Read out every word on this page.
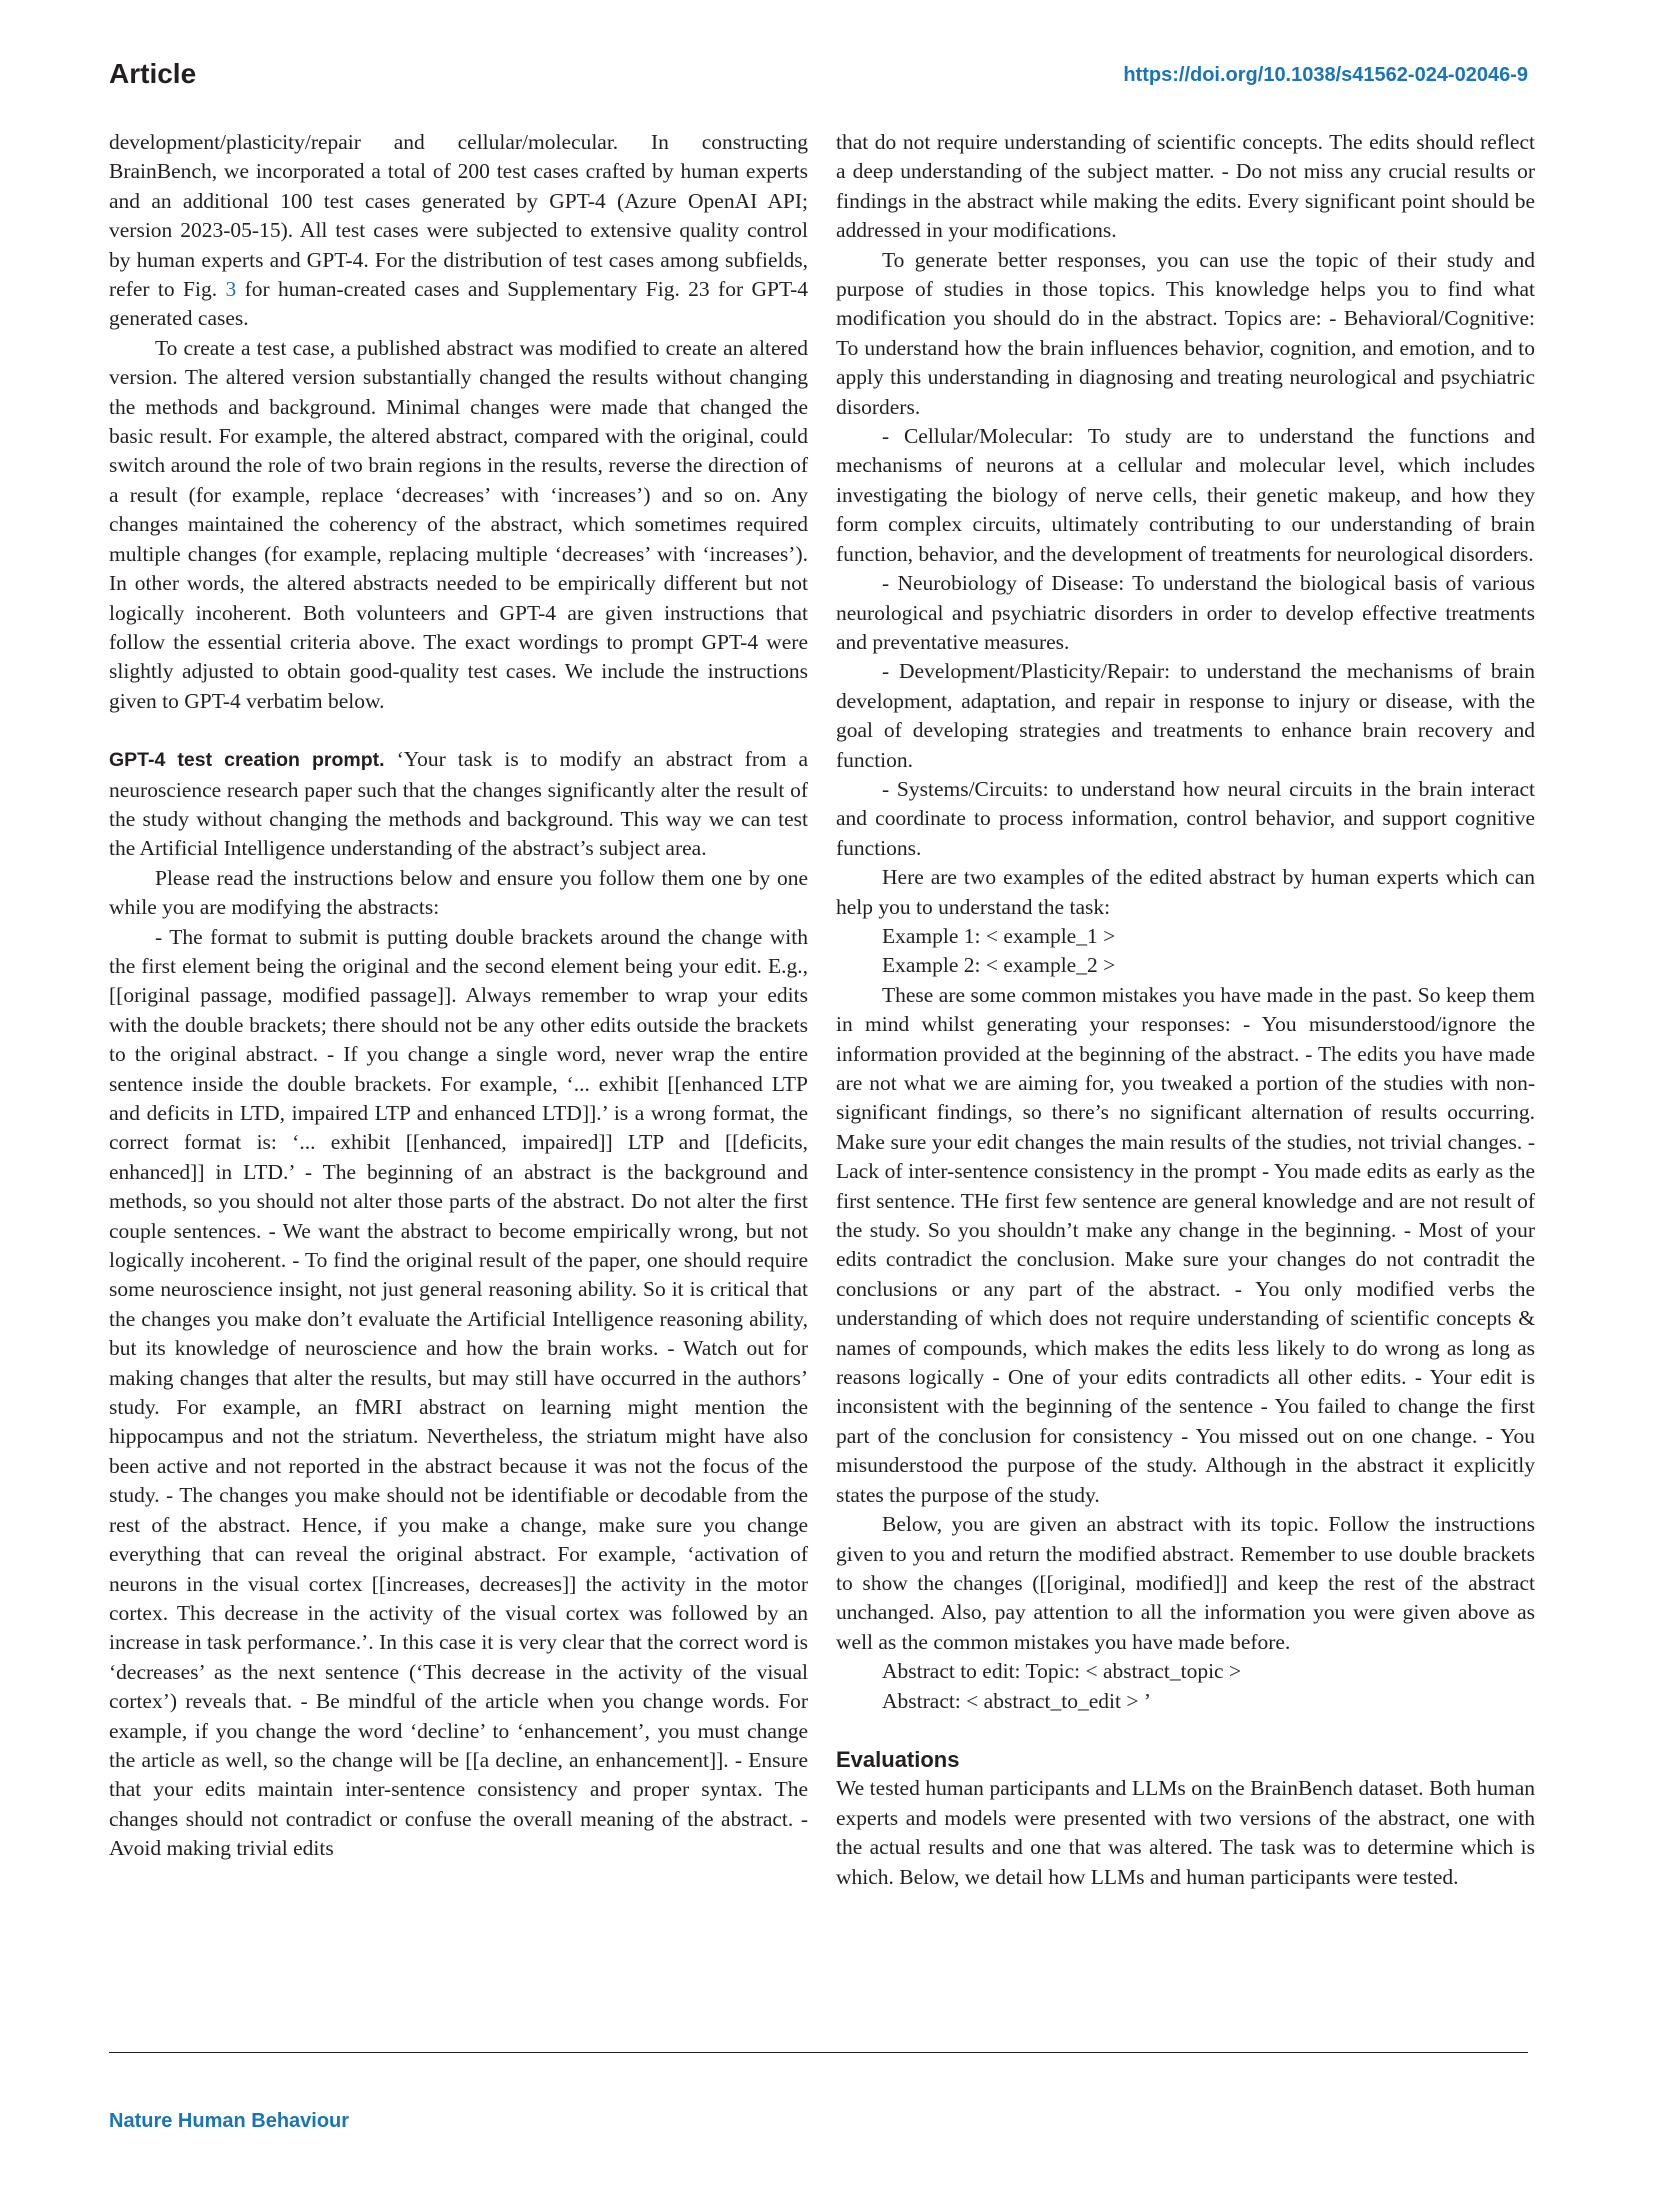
Article	https://doi.org/10.1038/s41562-024-02046-9

development/plasticity/repair and cellular/molecular. In constructing BrainBench, we incorporated a total of 200 test cases crafted by human experts and an additional 100 test cases generated by GPT-4 (Azure OpenAI API; version 2023-05-15). All test cases were subjected to extensive quality control by human experts and GPT-4. For the distribution of test cases among subfields, refer to Fig. 3 for human-created cases and Supplementary Fig. 23 for GPT-4 generated cases.

To create a test case, a published abstract was modified to create an altered version. The altered version substantially changed the results without changing the methods and background. Minimal changes were made that changed the basic result. For example, the altered abstract, compared with the original, could switch around the role of two brain regions in the results, reverse the direction of a result (for example, replace ‘decreases’ with ‘increases’) and so on. Any changes maintained the coherency of the abstract, which sometimes required multiple changes (for example, replacing multiple ‘decreases’ with ‘increases’). In other words, the altered abstracts needed to be empirically different but not logically incoherent. Both volunteers and GPT-4 are given instructions that follow the essential criteria above. The exact wordings to prompt GPT-4 were slightly adjusted to obtain good-quality test cases. We include the instructions given to GPT-4 verbatim below.

GPT-4 test creation prompt. ‘Your task is to modify an abstract from a neuroscience research paper such that the changes significantly alter the result of the study without changing the methods and background. This way we can test the Artificial Intelligence understanding of the abstract’s subject area.

Please read the instructions below and ensure you follow them one by one while you are modifying the abstracts:

- The format to submit is putting double brackets around the change with the first element being the original and the second element being your edit. E.g., [[original passage, modified passage]]. Always remember to wrap your edits with the double brackets; there should not be any other edits outside the brackets to the original abstract. - If you change a single word, never wrap the entire sentence inside the double brackets. For example, ‘... exhibit [[enhanced LTP and deficits in LTD, impaired LTP and enhanced LTD]].’ is a wrong format, the correct format is: ‘... exhibit [[enhanced, impaired]] LTP and [[deficits, enhanced]] in LTD.’ - The beginning of an abstract is the background and methods, so you should not alter those parts of the abstract. Do not alter the first couple sentences. - We want the abstract to become empirically wrong, but not logically incoherent. - To find the original result of the paper, one should require some neuroscience insight, not just general reasoning ability. So it is critical that the changes you make don’t evaluate the Artificial Intelligence reasoning ability, but its knowledge of neuroscience and how the brain works. - Watch out for making changes that alter the results, but may still have occurred in the authors’ study. For example, an fMRI abstract on learning might mention the hippocampus and not the striatum. Nevertheless, the striatum might have also been active and not reported in the abstract because it was not the focus of the study. - The changes you make should not be identifiable or decodable from the rest of the abstract. Hence, if you make a change, make sure you change everything that can reveal the original abstract. For example, ‘activation of neurons in the visual cortex [[increases, decreases]] the activity in the motor cortex. This decrease in the activity of the visual cortex was followed by an increase in task performance.’. In this case it is very clear that the correct word is ‘decreases’ as the next sentence (‘This decrease in the activity of the visual cortex’) reveals that. - Be mindful of the article when you change words. For example, if you change the word ‘decline’ to ‘enhancement’, you must change the article as well, so the change will be [[a decline, an enhancement]]. - Ensure that your edits maintain inter-sentence consistency and proper syntax. The changes should not contradict or confuse the overall meaning of the abstract. - Avoid making trivial edits

that do not require understanding of scientific concepts. The edits should reflect a deep understanding of the subject matter. - Do not miss any crucial results or findings in the abstract while making the edits. Every significant point should be addressed in your modifications.

To generate better responses, you can use the topic of their study and purpose of studies in those topics. This knowledge helps you to find what modification you should do in the abstract. Topics are: - Behavioral/Cognitive: To understand how the brain influences behavior, cognition, and emotion, and to apply this understanding in diagnosing and treating neurological and psychiatric disorders.

- Cellular/Molecular: To study are to understand the functions and mechanisms of neurons at a cellular and molecular level, which includes investigating the biology of nerve cells, their genetic makeup, and how they form complex circuits, ultimately contributing to our understanding of brain function, behavior, and the development of treatments for neurological disorders.

- Neurobiology of Disease: To understand the biological basis of various neurological and psychiatric disorders in order to develop effective treatments and preventative measures.

- Development/Plasticity/Repair: to understand the mechanisms of brain development, adaptation, and repair in response to injury or disease, with the goal of developing strategies and treatments to enhance brain recovery and function.

- Systems/Circuits: to understand how neural circuits in the brain interact and coordinate to process information, control behavior, and support cognitive functions.

Here are two examples of the edited abstract by human experts which can help you to understand the task:

Example 1: < example_1 >

Example 2: < example_2 >

These are some common mistakes you have made in the past. So keep them in mind whilst generating your responses: - You misunderstood/ignore the information provided at the beginning of the abstract. - The edits you have made are not what we are aiming for, you tweaked a portion of the studies with non-significant findings, so there’s no significant alternation of results occurring. Make sure your edit changes the main results of the studies, not trivial changes. - Lack of inter-sentence consistency in the prompt - You made edits as early as the first sentence. THe first few sentence are general knowledge and are not result of the study. So you shouldn’t make any change in the beginning. - Most of your edits contradict the conclusion. Make sure your changes do not contradit the conclusions or any part of the abstract. - You only modified verbs the understanding of which does not require understanding of scientific concepts & names of compounds, which makes the edits less likely to do wrong as long as reasons logically - One of your edits contradicts all other edits. - Your edit is inconsistent with the beginning of the sentence - You failed to change the first part of the conclusion for consistency - You missed out on one change. - You misunderstood the purpose of the study. Although in the abstract it explicitly states the purpose of the study.

Below, you are given an abstract with its topic. Follow the instructions given to you and return the modified abstract. Remember to use double brackets to show the changes ([[original, modified]] and keep the rest of the abstract unchanged. Also, pay attention to all the information you were given above as well as the common mistakes you have made before.

Abstract to edit: Topic: < abstract_topic >

Abstract: < abstract_to_edit > ’

Evaluations

We tested human participants and LLMs on the BrainBench dataset. Both human experts and models were presented with two versions of the abstract, one with the actual results and one that was altered. The task was to determine which is which. Below, we detail how LLMs and human participants were tested.

Nature Human Behaviour
